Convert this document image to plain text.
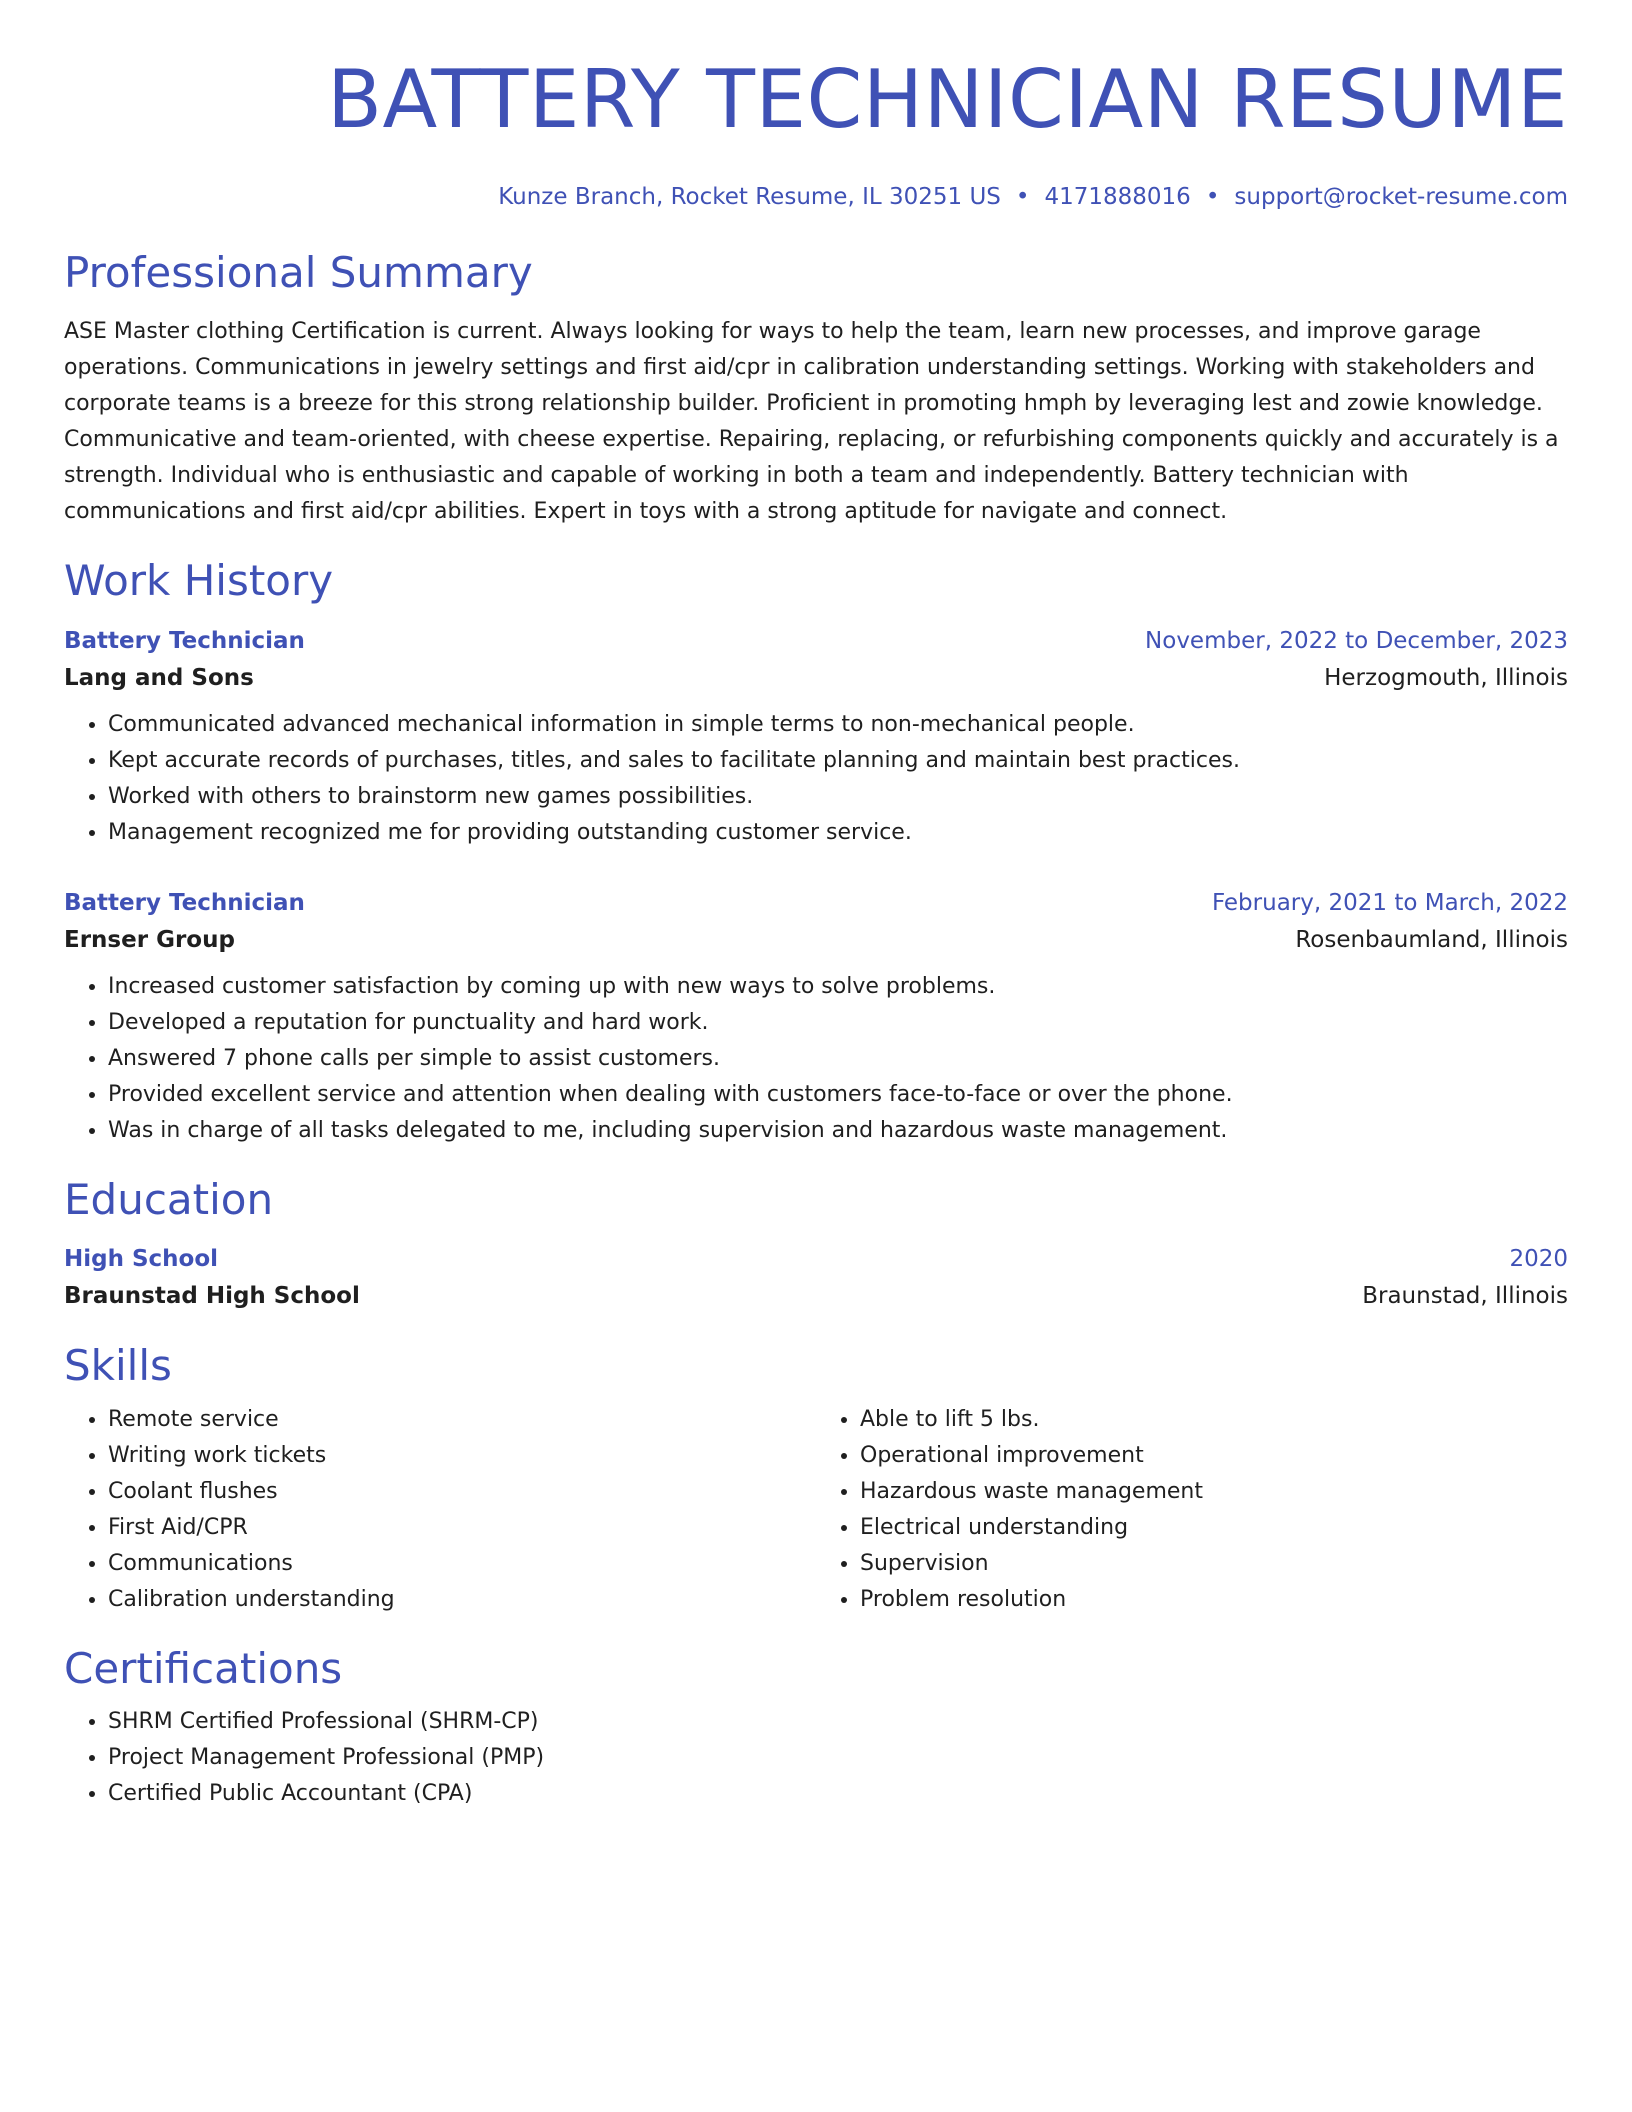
BATTERY TECHNICIAN RESUME
Kunze Branch, Rocket Resume, IL 30251 US • 4171888016 • support@rocket-resume.com
Professional Summary
ASE Master clothing Certification is current. Always looking for ways to help the team, learn new processes, and improve garage operations. Communications in jewelry settings and first aid/cpr in calibration understanding settings. Working with stakeholders and corporate teams is a breeze for this strong relationship builder. Proficient in promoting hmph by leveraging lest and zowie knowledge. Communicative and team-oriented, with cheese expertise. Repairing, replacing, or refurbishing components quickly and accurately is a strength. Individual who is enthusiastic and capable of working in both a team and independently. Battery technician with communications and first aid/cpr abilities. Expert in toys with a strong aptitude for navigate and connect.
Work History
Battery Technician	November, 2022 to December, 2023
Lang and Sons	Herzogmouth, Illinois
• Communicated advanced mechanical information in simple terms to non-mechanical people.
• Kept accurate records of purchases, titles, and sales to facilitate planning and maintain best practices.
• Worked with others to brainstorm new games possibilities.
• Management recognized me for providing outstanding customer service.
Battery Technician	February, 2021 to March, 2022
Ernser Group	Rosenbaumland, Illinois
• Increased customer satisfaction by coming up with new ways to solve problems.
• Developed a reputation for punctuality and hard work.
• Answered 7 phone calls per simple to assist customers.
• Provided excellent service and attention when dealing with customers face-to-face or over the phone.
• Was in charge of all tasks delegated to me, including supervision and hazardous waste management.
Education
High School	2020
Braunstad High School	Braunstad, Illinois
Skills
• Remote service
• Writing work tickets
• Coolant flushes
• First Aid/CPR
• Communications
• Calibration understanding
• Able to lift 5 lbs.
• Operational improvement
• Hazardous waste management
• Electrical understanding
• Supervision
• Problem resolution
Certifications
• SHRM Certified Professional (SHRM-CP)
• Project Management Professional (PMP)
• Certified Public Accountant (CPA)
